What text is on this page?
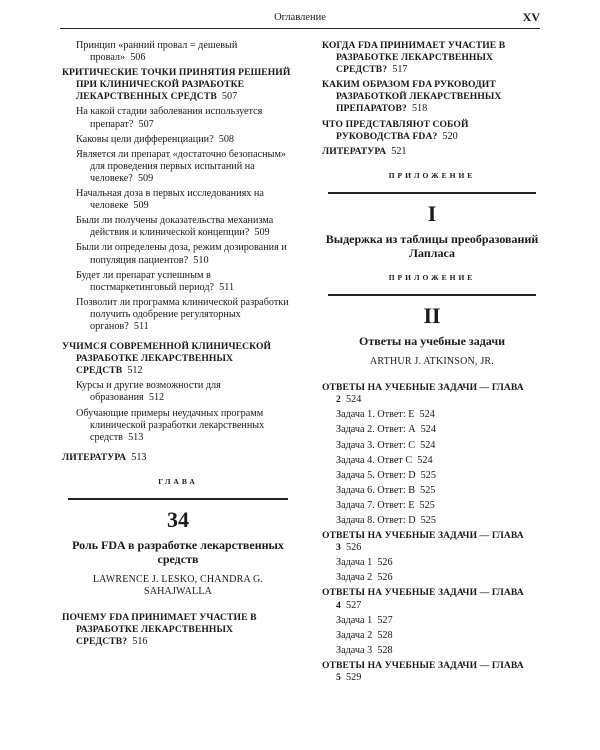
Оглавление	XV
Принцип «ранний провал = дешевый провал» 506
КРИТИЧЕСКИЕ ТОЧКИ ПРИНЯТИЯ РЕШЕНИЙ ПРИ КЛИНИЧЕСКОЙ РАЗРАБОТКЕ ЛЕКАРСТВЕННЫХ СРЕДСТВ 507
На какой стадии заболевания используется препарат? 507
Каковы цели дифференциации? 508
Является ли препарат «достаточно безопасным» для проведения первых испытаний на человеке? 509
Начальная доза в первых исследованиях на человеке 509
Были ли получены доказательства механизма действия и клинической концепции? 509
Были ли определены доза, режим дозирования и популяция пациентов? 510
Будет ли препарат успешным в постмаркетинговый период? 511
Позволит ли программа клинической разработки получить одобрение регуляторных органов? 511
УЧИМСЯ СОВРЕМЕННОЙ КЛИНИЧЕСКОЙ РАЗРАБОТКЕ ЛЕКАРСТВЕННЫХ СРЕДСТВ 512
Курсы и другие возможности для образования 512
Обучающие примеры неудачных программ клинической разработки лекарственных средств 513
ЛИТЕРАТУРА 513
ГЛАВА
34
Роль FDA в разработке лекарственных средств
LAWRENCE J. LESKO, CHANDRA G. SAHAJWALLA
ПОЧЕМУ FDA ПРИНИМАЕТ УЧАСТИЕ В РАЗРАБОТКЕ ЛЕКАРСТВЕННЫХ СРЕДСТВ? 516
КОГДА FDA ПРИНИМАЕТ УЧАСТИЕ В РАЗРАБОТКЕ ЛЕКАРСТВЕННЫХ СРЕДСТВ? 517
КАКИМ ОБРАЗОМ FDA РУКОВОДИТ РАЗРАБОТКОЙ ЛЕКАРСТВЕННЫХ ПРЕПАРАТОВ? 518
ЧТО ПРЕДСТАВЛЯЮТ СОБОЙ РУКОВОДСТВА FDA? 520
ЛИТЕРАТУРА 521
ПРИЛОЖЕНИЕ
I
Выдержка из таблицы преобразований Лапласа
ПРИЛОЖЕНИЕ
II
Ответы на учебные задачи
ARTHUR J. ATKINSON, JR.
ОТВЕТЫ НА УЧЕБНЫЕ ЗАДАЧИ — ГЛАВА 2 524
Задача 1. Ответ: E 524
Задача 2. Ответ: A 524
Задача 3. Ответ: С 524
Задача 4. Ответ С 524
Задача 5. Ответ: D 525
Задача 6. Ответ: В 525
Задача 7. Ответ: Е 525
Задача 8. Ответ: D 525
ОТВЕТЫ НА УЧЕБНЫЕ ЗАДАЧИ — ГЛАВА 3 526
Задача 1 526
Задача 2 526
ОТВЕТЫ НА УЧЕБНЫЕ ЗАДАЧИ — ГЛАВА 4 527
Задача 1 527
Задача 2 528
Задача 3 528
ОТВЕТЫ НА УЧЕБНЫЕ ЗАДАЧИ — ГЛАВА 5 529
